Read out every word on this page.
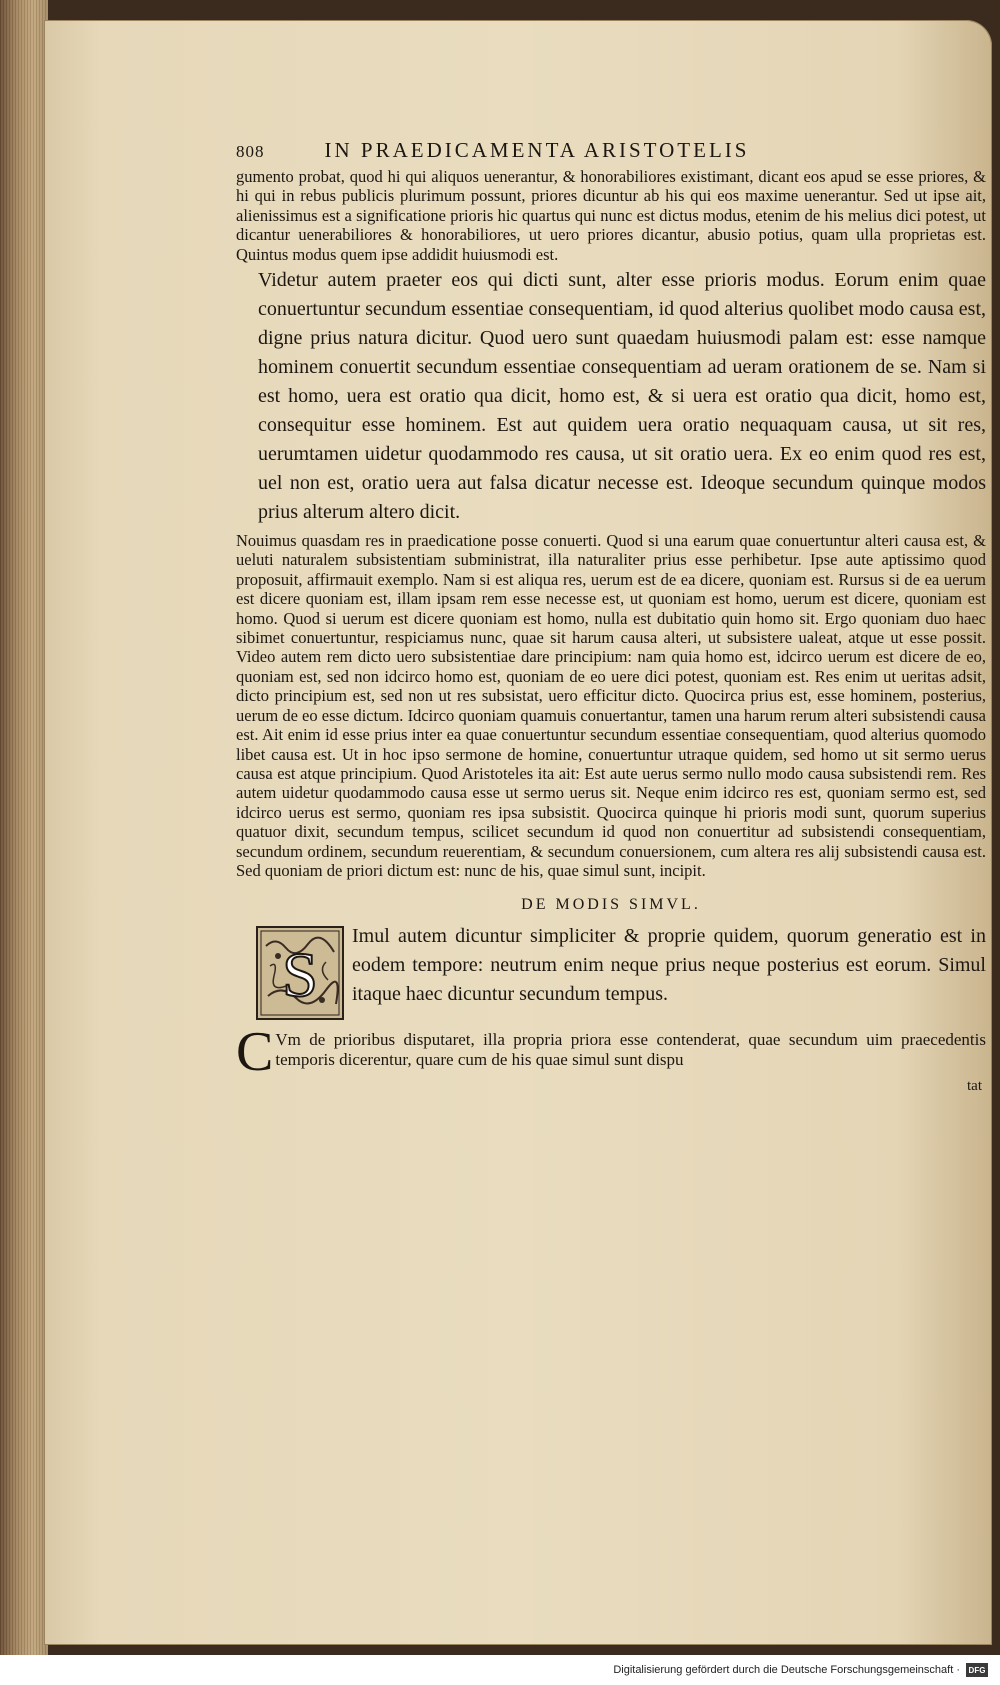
808	IN PRAEDICAMENTA ARISTOTELIS

gumento probat, quod hi qui aliquos uenerantur, & honorabiliores existimant, dicant eos apud se esse priores, & hi qui in rebus publicis plurimum possunt, priores dicuntur ab his qui eos maxime uenerantur. Sed ut ipse ait, alienissimus est a significatione prioris hic quartus qui nunc est dictus modus, etenim de his melius dici potest, ut dicantur uenerabiliores & honorabiliores, ut uero priores dicantur, abusio potius, quam ulla proprietas est. Quintus modus quem ipse addidit huiusmodi est.

Videtur autem praeter eos qui dicti sunt, alter esse prioris modus. Eorum enim quae conuertuntur secundum essentiae consequentiam, id quod alterius quolibet modo causa est, digne prius natura dicitur. Quod uero sunt quaedam huiusmodi palam est: esse namque hominem conuertit secundum essentiae consequentiam ad ueram orationem de se. Nam si est homo, uera est oratio qua dicit, homo est, & si uera est oratio qua dicit, homo est, consequitur esse hominem. Est aut quidem uera oratio nequaquam causa, ut sit res, uerumtamen uidetur quodammodo res causa, ut sit oratio uera. Ex eo enim quod res est, uel non est, oratio uera aut falsa dicatur necesse est. Ideoque secundum quinque modos prius alterum altero dicit.

Nouimus quasdam res in praedicatione posse conuerti. Quod si una earum quae conuertuntur alteri causa est, & ueluti naturalem subsistentiam subministrat, illa naturaliter prius esse perhibetur. Ipse aute aptissimo quod proposuit, affirmauit exemplo. Nam si est aliqua res, uerum est de ea dicere, quoniam est. Rursus si de ea uerum est dicere quoniam est, illam ipsam rem esse necesse est, ut quoniam est homo, uerum est dicere, quoniam est homo. Quod si uerum est dicere quoniam est homo, nulla est dubitatio quin homo sit. Ergo quoniam duo haec sibimet conuertuntur, respiciamus nunc, quae sit harum causa alteri, ut subsistere ualeat, atque ut esse possit. Video autem rem dicto uero subsistentiae dare principium: nam quia homo est, idcirco uerum est dicere de eo, quoniam est, sed non idcirco homo est, quoniam de eo uere dici potest, quoniam est. Res enim ut ueritas adsit, dicto principium est, sed non ut res subsistat, uero efficitur dicto. Quocirca prius est, esse hominem, posterius, uerum de eo esse dictum. Idcirco quoniam quamuis conuertantur, tamen una harum rerum alteri subsistendi causa est. Ait enim id esse prius inter ea quae conuertuntur secundum essentiae consequentiam, quod alterius quomodo libet causa est. Ut in hoc ipso sermone de homine, conuertuntur utraque quidem, sed homo ut sit sermo uerus causa est atque principium. Quod Aristoteles ita ait: Est aute uerus sermo nullo modo causa subsistendi rem. Res autem uidetur quodammodo causa esse ut sermo uerus sit. Neque enim idcirco res est, quoniam sermo est, sed idcirco uerus est sermo, quoniam res ipsa subsistit. Quocirca quinque hi prioris modi sunt, quorum superius quatuor dixit, secundum tempus, scilicet secundum id quod non conuertitur ad subsistendi consequentiam, secundum ordinem, secundum reuerentiam, & secundum conuersionem, cum altera res alij subsistendi causa est. Sed quoniam de priori dictum est: nunc de his, quae simul sunt, incipit.

DE MODIS SIMVL.
S

Imul autem dicuntur simpliciter & proprie quidem, quorum generatio est in eodem tempore: neutrum enim neque prius neque posterius est eorum. Simul itaque haec dicuntur secundum tempus.

C Vm de prioribus disputaret, illa propria priora esse contenderat, quae secundum uim praecedentis temporis dicerentur, quare cum de his quae simul sunt dispu

tat
Digitalisierung gefördert durch die Deutsche Forschungsgemeinschaft ·	DFG
